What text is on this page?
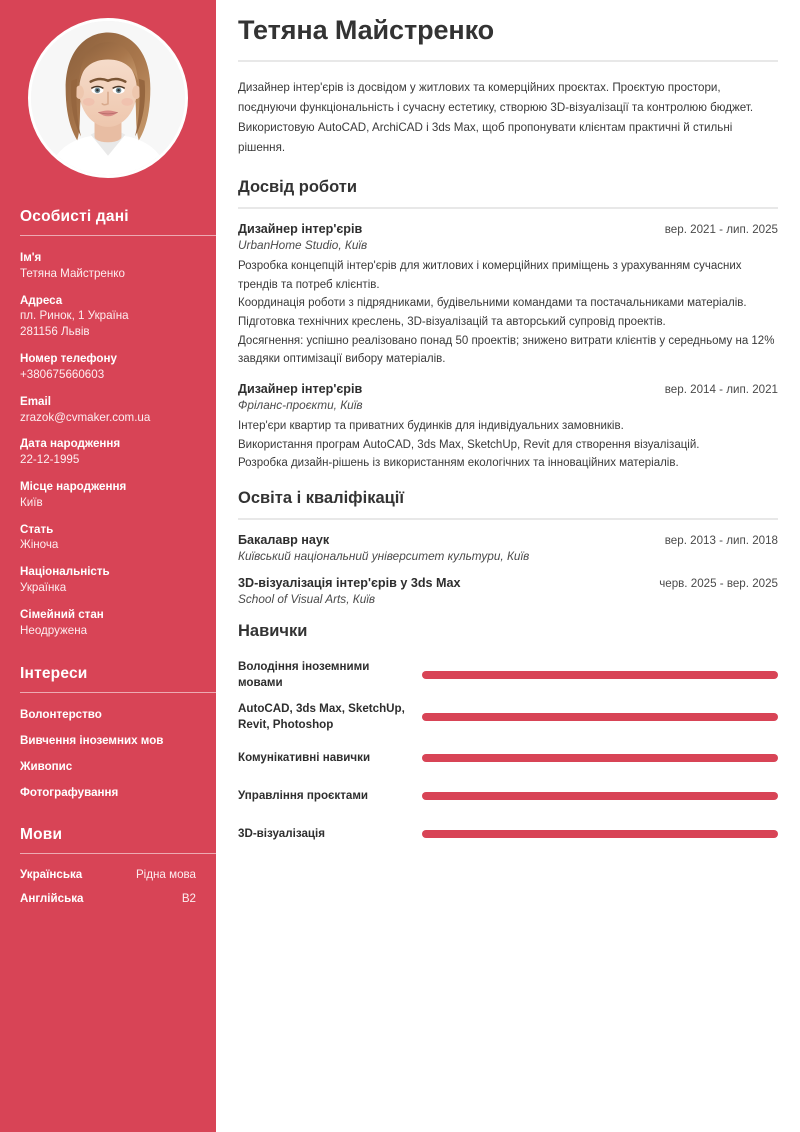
Особисті дані
Ім'я
Тетяна Майстренко
Адреса
пл. Ринок, 1 Україна
281156 Львів
Номер телефону
+380675660603
Email
zrazok@cvmaker.com.ua
Дата народження
22-12-1995
Місце народження
Київ
Стать
Жіноча
Національність
Українка
Сімейний стан
Неодружена
Інтереси
Волонтерство
Вивчення іноземних мов
Живопис
Фотографування
Мови
Українська	Рідна мова
Англійська	B2
Тетяна Майстренко

Дизайнер інтер'єрів із досвідом у житлових та комерційних проєктах. Проєктую простори, поєднуючи функціональність і сучасну естетику, створюю 3D-візуалізації та контролюю бюджет. Використовую AutoCAD, ArchiCAD і 3ds Max, щоб пропонувати клієнтам практичні й стильні рішення.

Досвід роботи
Дизайнер інтер'єрів	вер. 2021 - лип. 2025
UrbanHome Studio, Київ
Розробка концепцій інтер'єрів для житлових і комерційних приміщень з урахуванням сучасних трендів та потреб клієнтів.
Координація роботи з підрядниками, будівельними командами та постачальниками матеріалів.
Підготовка технічних креслень, 3D-візуалізацій та авторський супровід проектів.
Досягнення: успішно реалізовано понад 50 проектів; знижено витрати клієнтів у середньому на 12% завдяки оптимізації вибору матеріалів.
Дизайнер інтер'єрів	вер. 2014 - лип. 2021
Фріланс-проєкти, Київ
Інтер'єри квартир та приватних будинків для індивідуальних замовників.
Використання програм AutoCAD, 3ds Max, SketchUp, Revit для створення візуалізацій.
Розробка дизайн-рішень із використанням екологічних та інноваційних матеріалів.
Освіта і кваліфікації
Бакалавр наук	вер. 2013 - лип. 2018
Київський національний університет культури, Київ
3D-візуалізація інтер'єрів у 3ds Max	черв. 2025 - вер. 2025
School of Visual Arts, Київ
Навички
Володіння іноземними мовами
AutoCAD, 3ds Max, SketchUp, Revit, Photoshop
Комунікативні навички
Управління проєктами
3D-візуалізація
